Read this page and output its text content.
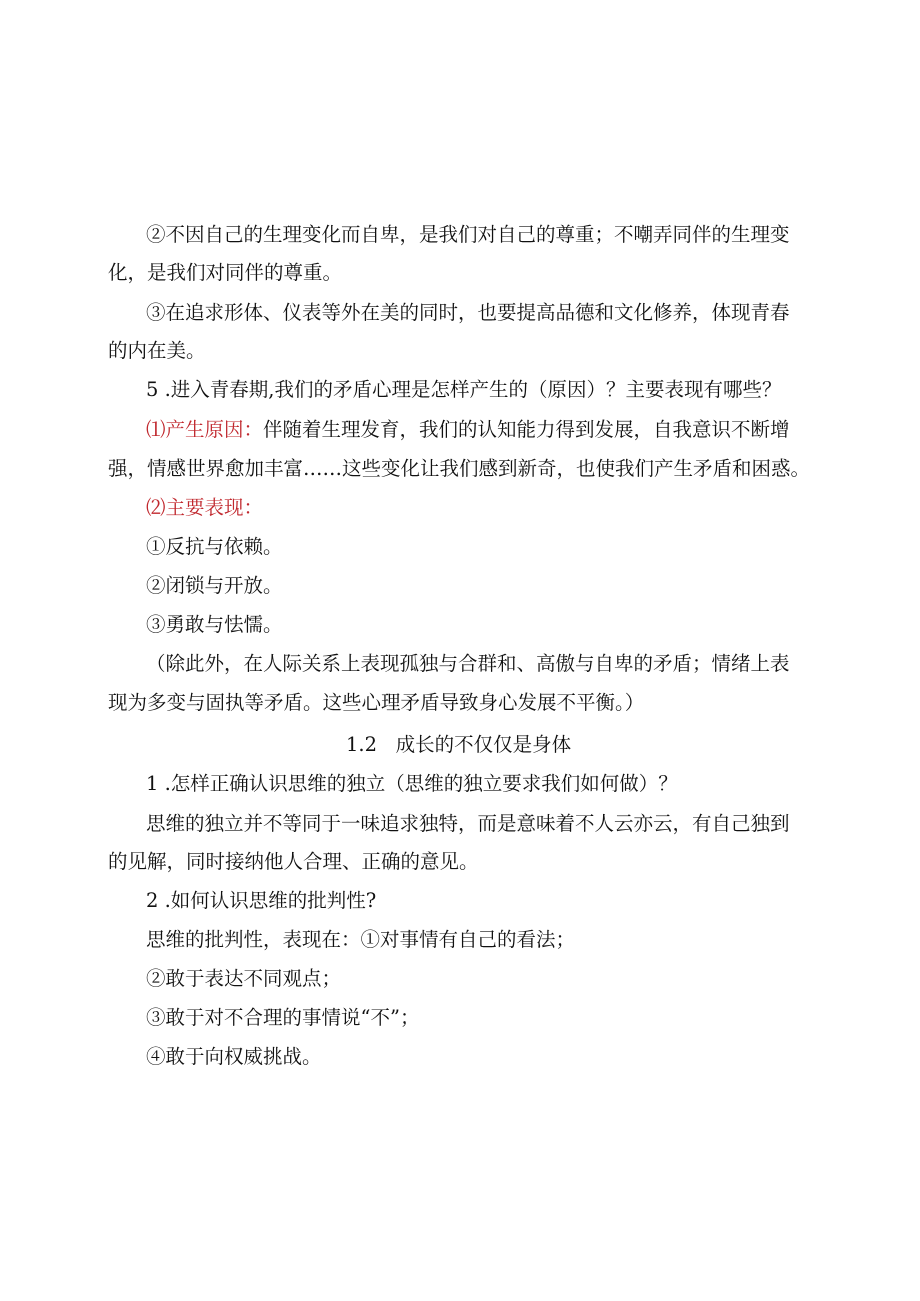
②不因自己的生理变化而自卑，是我们对自己的尊重；不嘲弄同伴的生理变
化，是我们对同伴的尊重。
③在追求形体、仪表等外在美的同时，也要提高品德和文化修养，体现青春
的内在美。
5 .进入青春期,我们的矛盾心理是怎样产生的（原因）？主要表现有哪些？
⑴产生原因：伴随着生理发育，我们的认知能力得到发展，自我意识不断增
强，情感世界愈加丰富……这些变化让我们感到新奇，也使我们产生矛盾和困惑。
⑵主要表现：
①反抗与依赖。
②闭锁与开放。
③勇敢与怯懦。
（除此外，在人际关系上表现孤独与合群和、高傲与自卑的矛盾；情绪上表
现为多变与固执等矛盾。这些心理矛盾导致身心发展不平衡。）
1.2   成长的不仅仅是身体
1 .怎样正确认识思维的独立（思维的独立要求我们如何做）？
思维的独立并不等同于一味追求独特，而是意味着不人云亦云，有自己独到
的见解，同时接纳他人合理、正确的意见。
2 .如何认识思维的批判性?
思维的批判性，表现在：①对事情有自己的看法；
②敢于表达不同观点；
③敢于对不合理的事情说“不”；
④敢于向权威挑战。
